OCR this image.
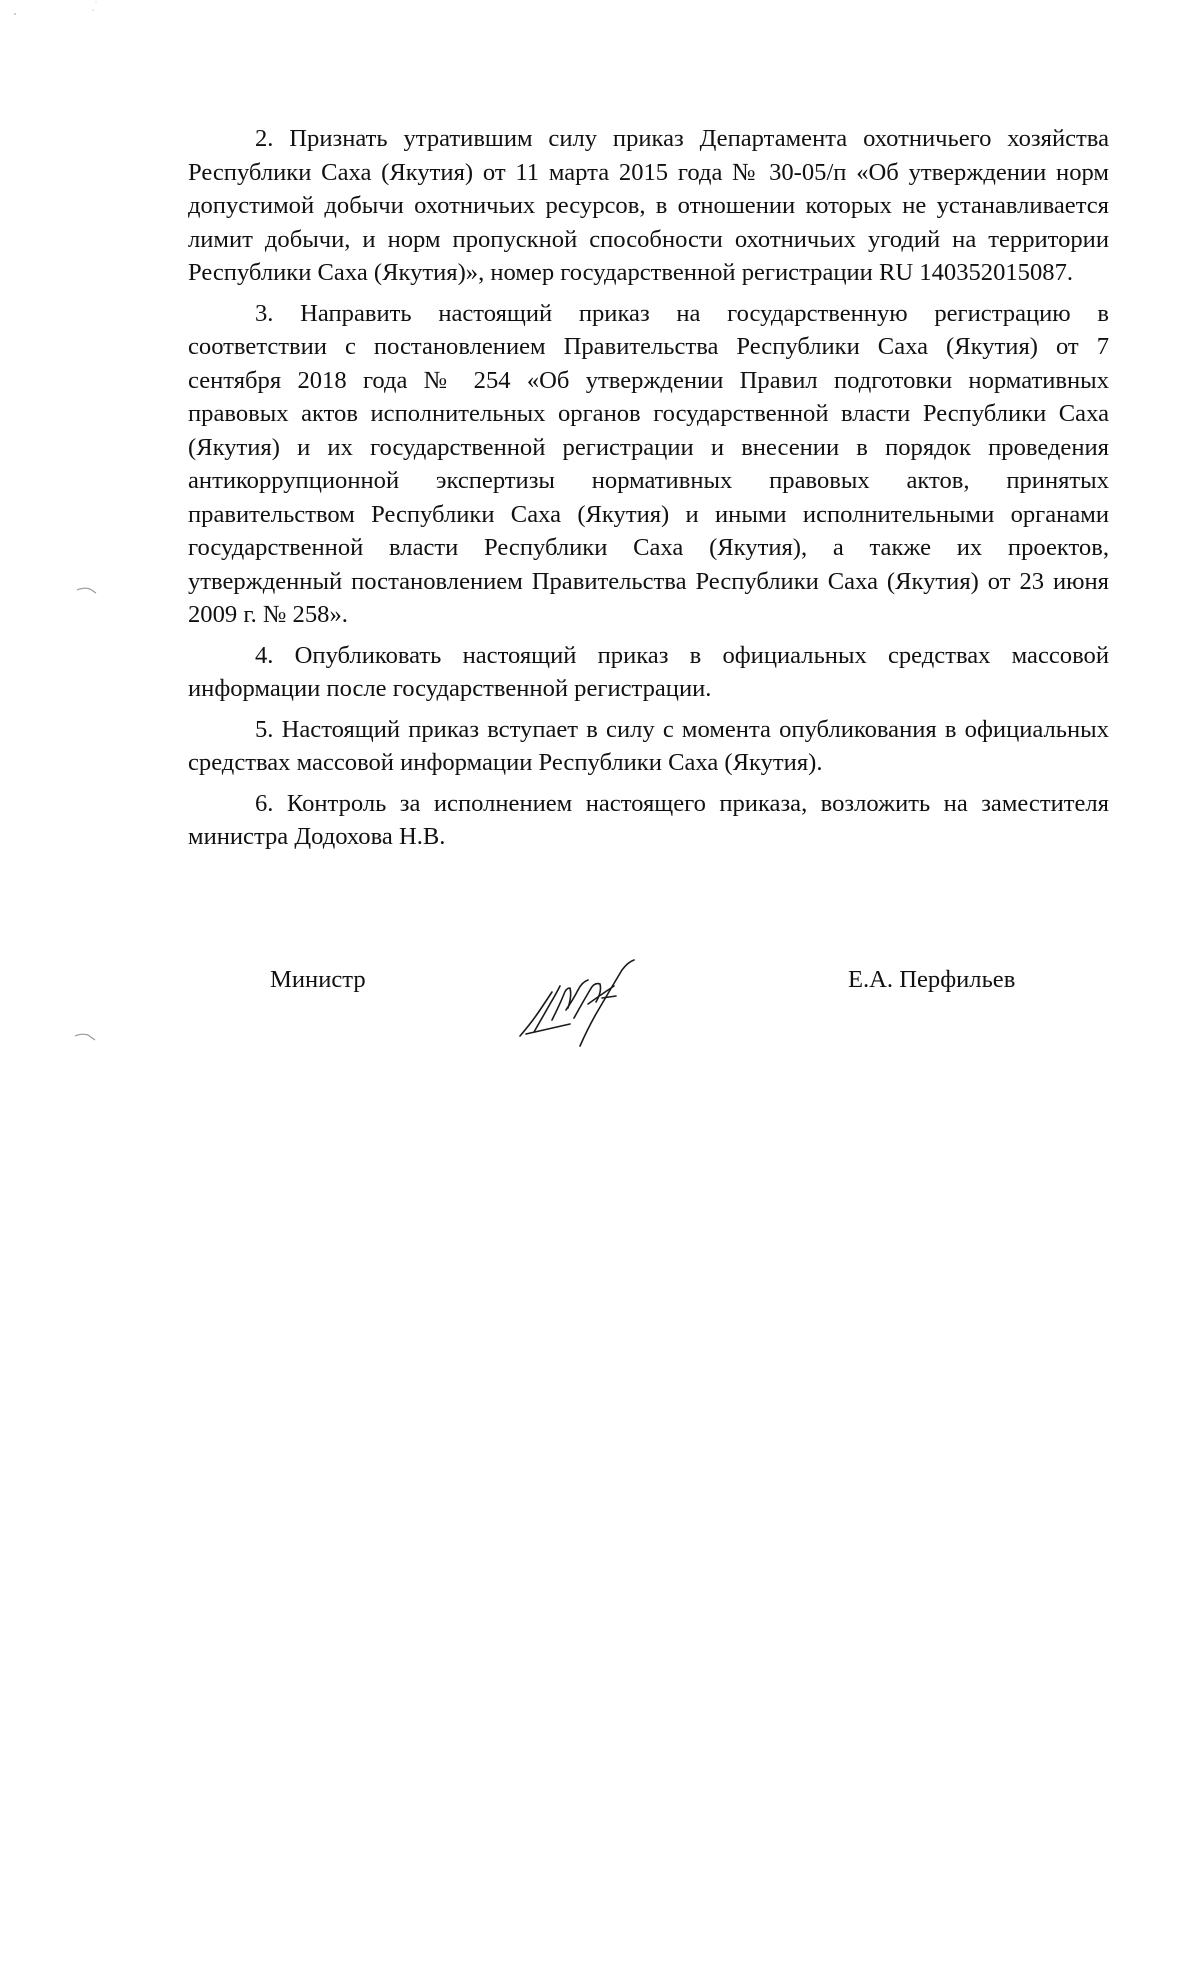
2. Признать утратившим силу приказ Департамента охотничьего хозяйства Республики Саха (Якутия) от 11 марта 2015 года № 30-05/п «Об утверждении норм допустимой добычи охотничьих ресурсов, в отношении которых не устанавливается лимит добычи, и норм пропускной способности охотничьих угодий на территории Республики Саха (Якутия)», номер государственной регистрации RU 140352015087.

3. Направить настоящий приказ на государственную регистрацию в соответствии с постановлением Правительства Республики Саха (Якутия) от 7 сентября 2018 года № 254 «Об утверждении Правил подготовки нормативных правовых актов исполнительных органов государственной власти Республики Саха (Якутия) и их государственной регистрации и внесении в порядок проведения антикоррупционной экспертизы нормативных правовых актов, принятых правительством Республики Саха (Якутия) и иными исполнительными органами государственной власти Республики Саха (Якутия), а также их проектов, утвержденный постановлением Правительства Республики Саха (Якутия) от 23 июня 2009 г. № 258».

4. Опубликовать настоящий приказ в официальных средствах массовой информации после государственной регистрации.

5. Настоящий приказ вступает в силу с момента опубликования в официальных средствах массовой информации Республики Саха (Якутия).

6. Контроль за исполнением настоящего приказа, возложить на заместителя министра Додохова Н.В.

Министр	Е.А. Перфильев
